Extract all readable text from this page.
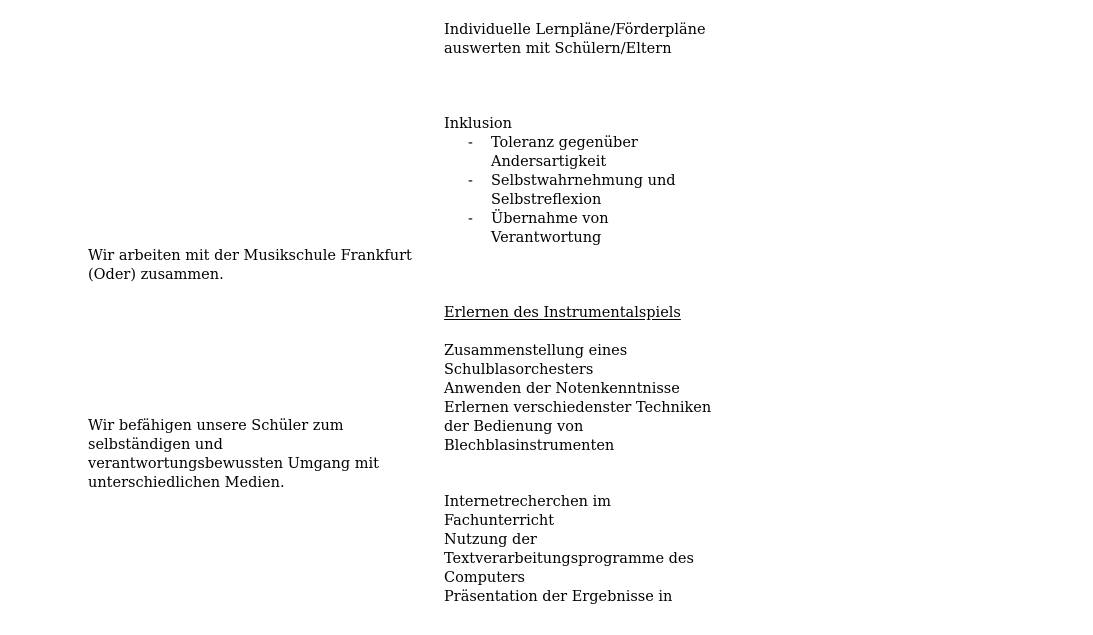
Wir arbeiten mit der Musikschule Frankfurt
(Oder) zusammen.
Wir befähigen unsere Schüler zum
selbständigen und
verantwortungsbewussten Umgang mit
unterschiedlichen Medien.
Individuelle Lernpläne/Förderpläne
auswerten mit Schülern/Eltern
Inklusion
- Toleranz gegenüber
Andersartigkeit
- Selbstwahrnehmung und
Selbstreflexion
- Übernahme von
Verantwortung
Erlernen des Instrumentalspiels
Zusammenstellung eines
Schulblasorchesters
Anwenden der Notenkenntnisse
Erlernen verschiedenster Techniken
der Bedienung von
Blechblasinstrumenten
Internetrecherchen im
Fachunterricht
Nutzung der
Textverarbeitungsprogramme des
Computers
Präsentation der Ergebnisse in
